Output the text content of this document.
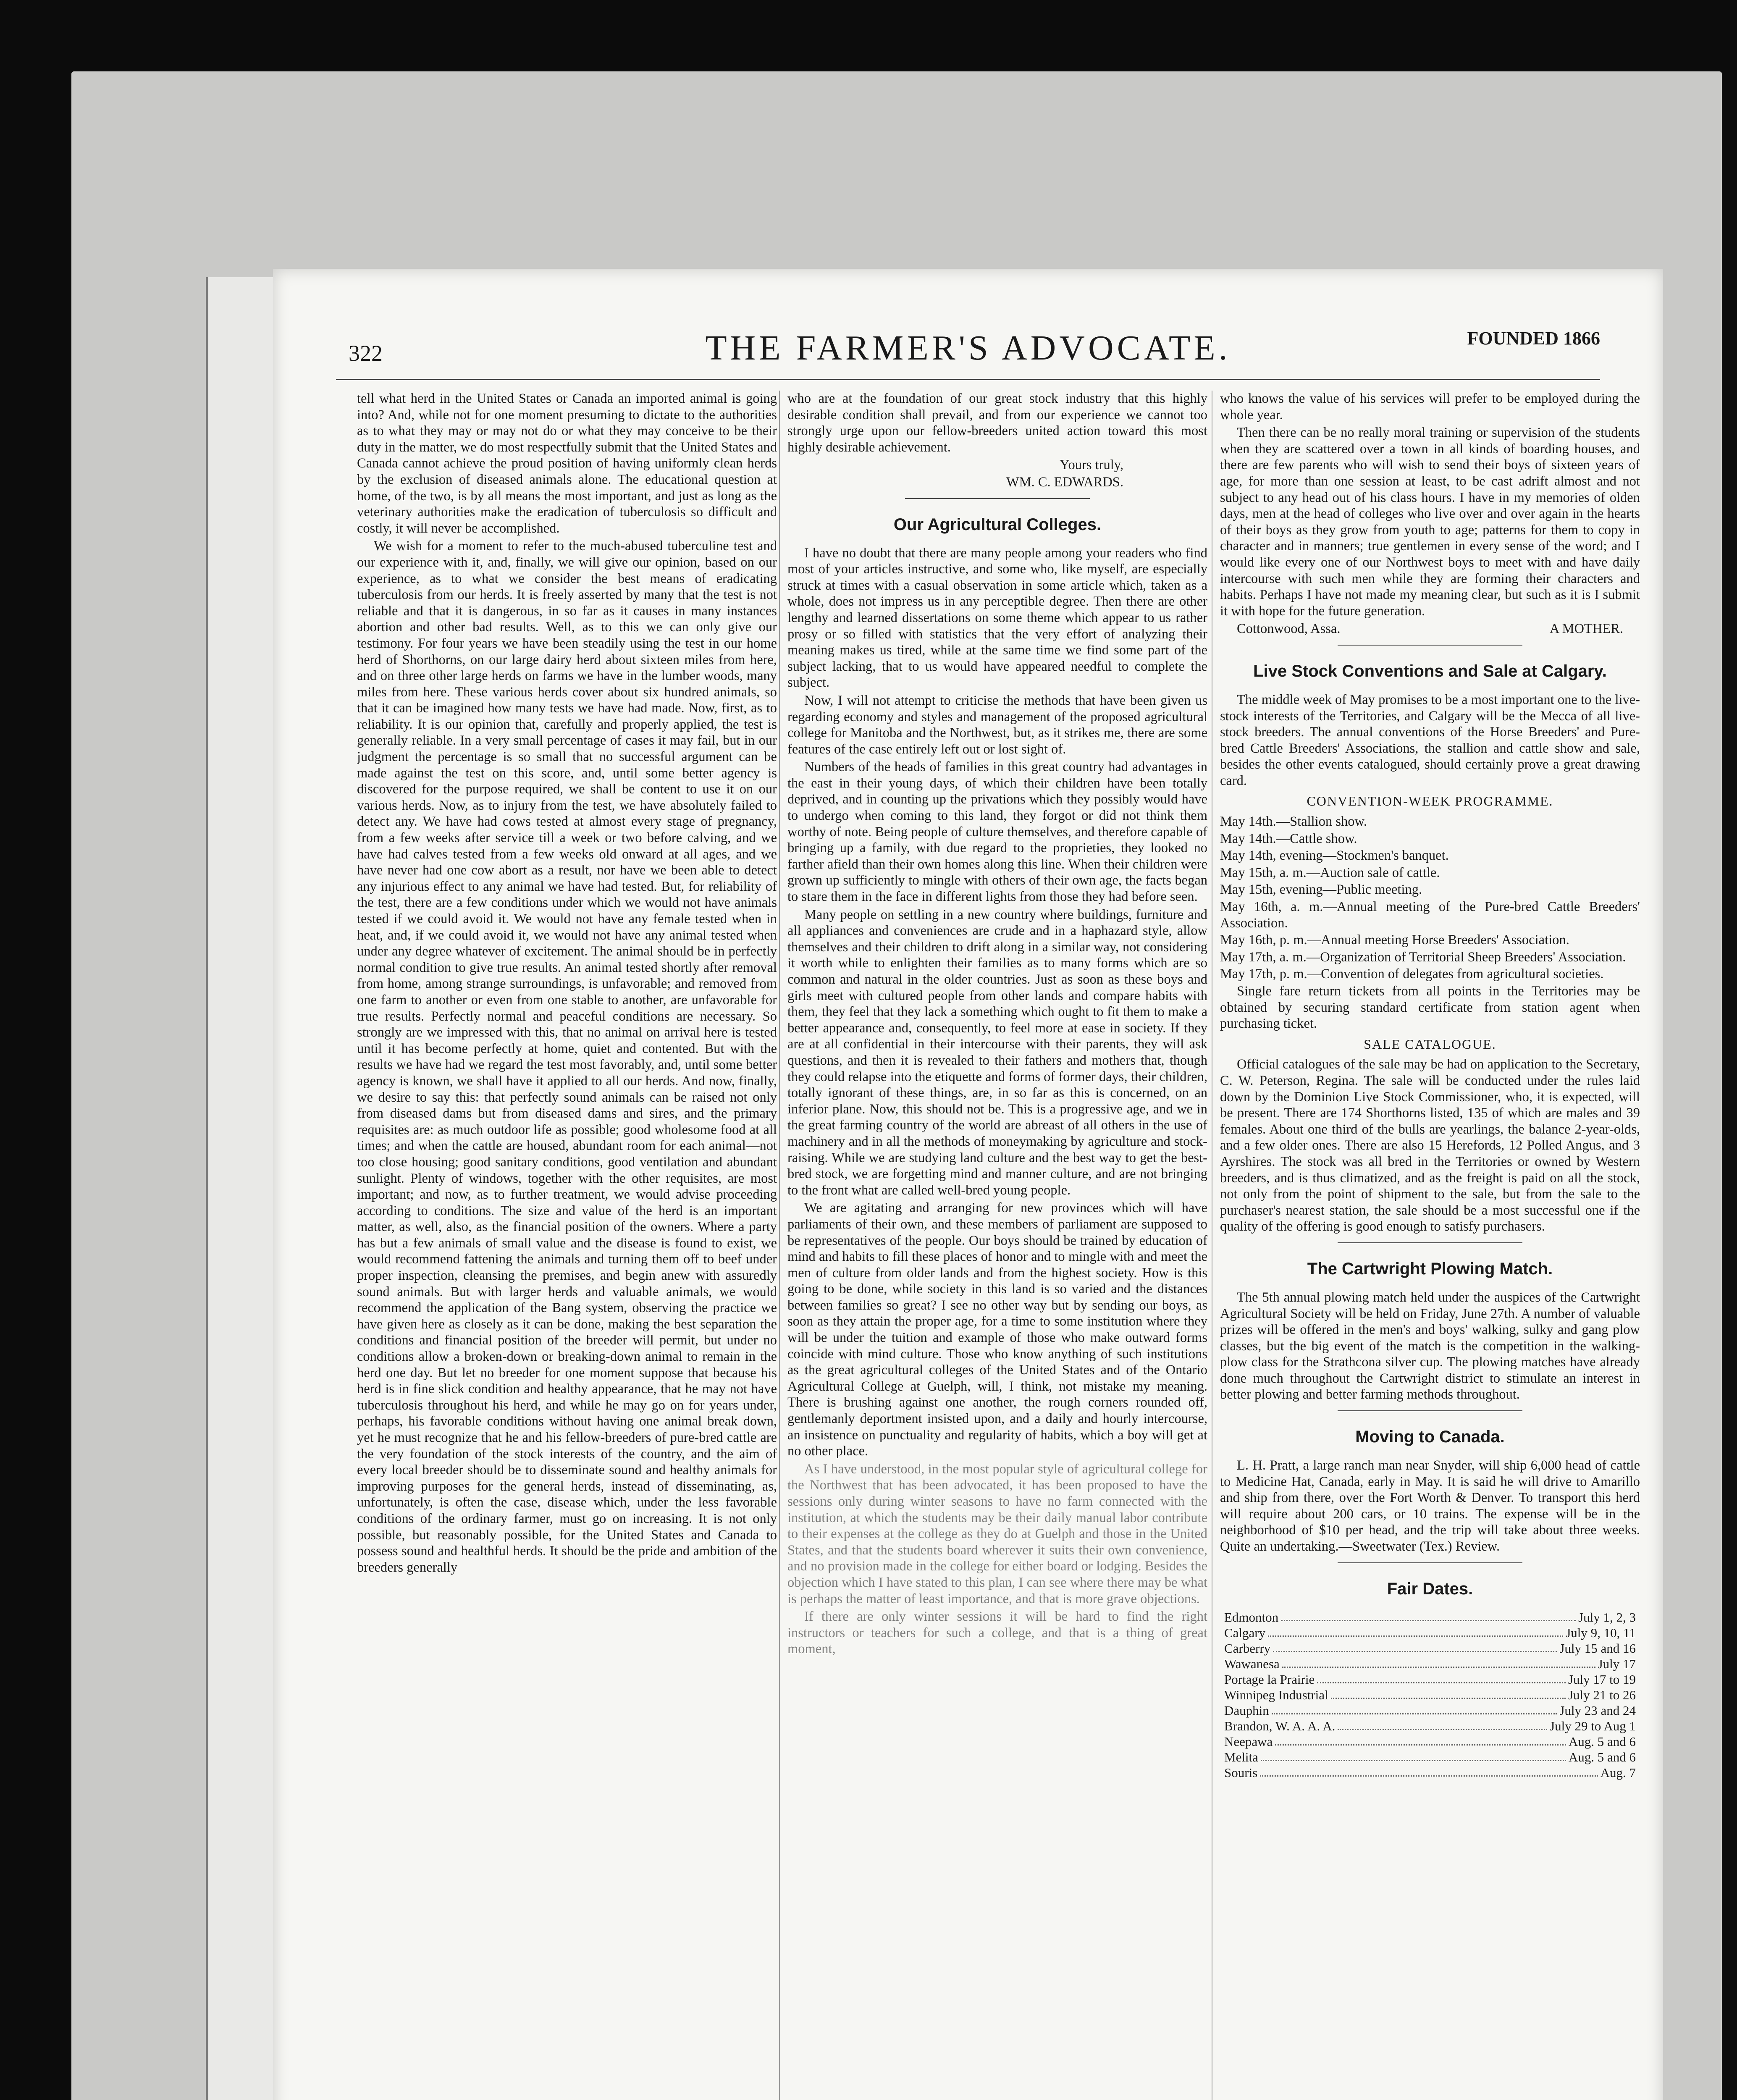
322	THE FARMER'S ADVOCATE.	FOUNDED 1866

tell what herd in the United States or Canada an imported animal is going into? And, while not for one moment presuming to dictate to the authorities as to what they may or may not do or what they may conceive to be their duty in the matter, we do most respectfully submit that the United States and Canada cannot achieve the proud position of having uniformly clean herds by the exclusion of diseased animals alone. The educational question at home, of the two, is by all means the most important, and just as long as the veterinary authorities make the eradication of tuberculosis so difficult and costly, it will never be accomplished.

We wish for a moment to refer to the much-abused tuberculine test and our experience with it, and, finally, we will give our opinion, based on our experience, as to what we consider the best means of eradicating tuberculosis from our herds. It is freely asserted by many that the test is not reliable and that it is dangerous, in so far as it causes in many instances abortion and other bad results. Well, as to this we can only give our testimony. For four years we have been steadily using the test in our home herd of Shorthorns, on our large dairy herd about sixteen miles from here, and on three other large herds on farms we have in the lumber woods, many miles from here. These various herds cover about six hundred animals, so that it can be imagined how many tests we have had made. Now, first, as to reliability. It is our opinion that, carefully and properly applied, the test is generally reliable. In a very small percentage of cases it may fail, but in our judgment the percentage is so small that no successful argument can be made against the test on this score, and, until some better agency is discovered for the purpose required, we shall be content to use it on our various herds. Now, as to injury from the test, we have absolutely failed to detect any. We have had cows tested at almost every stage of pregnancy, from a few weeks after service till a week or two before calving, and we have had calves tested from a few weeks old onward at all ages, and we have never had one cow abort as a result, nor have we been able to detect any injurious effect to any animal we have had tested. But, for reliability of the test, there are a few conditions under which we would not have animals tested if we could avoid it. We would not have any female tested when in heat, and, if we could avoid it, we would not have any animal tested when under any degree whatever of excitement. The animal should be in perfectly normal condition to give true results. An animal tested shortly after removal from home, among strange surroundings, is unfavorable; and removed from one farm to another or even from one stable to another, are unfavorable for true results. Perfectly normal and peaceful conditions are necessary. So strongly are we impressed with this, that no animal on arrival here is tested until it has become perfectly at home, quiet and contented. But with the results we have had we regard the test most favorably, and, until some better agency is known, we shall have it applied to all our herds. And now, finally, we desire to say this: that perfectly sound animals can be raised not only from diseased dams but from diseased dams and sires, and the primary requisites are: as much outdoor life as possible; good wholesome food at all times; and when the cattle are housed, abundant room for each animal—not too close housing; good sanitary conditions, good ventilation and abundant sunlight. Plenty of windows, together with the other requisites, are most important; and now, as to further treatment, we would advise proceeding according to conditions. The size and value of the herd is an important matter, as well, also, as the financial position of the owners. Where a party has but a few animals of small value and the disease is found to exist, we would recommend fattening the animals and turning them off to beef under proper inspection, cleansing the premises, and begin anew with assuredly sound animals. But with larger herds and valuable animals, we would recommend the application of the Bang system, observing the practice we have given here as closely as it can be done, making the best separation the conditions and financial position of the breeder will permit, but under no conditions allow a broken-down or breaking-down animal to remain in the herd one day. But let no breeder for one moment suppose that because his herd is in fine slick condition and healthy appearance, that he may not have tuberculosis throughout his herd, and while he may go on for years under, perhaps, his favorable conditions without having one animal break down, yet he must recognize that he and his fellow-breeders of pure-bred cattle are the very foundation of the stock interests of the country, and the aim of every local breeder should be to disseminate sound and healthy animals for improving purposes for the general herds, instead of disseminating, as, unfortunately, is often the case, disease which, under the less favorable conditions of the ordinary farmer, must go on increasing. It is not only possible, but reasonably possible, for the United States and Canada to possess sound and healthful herds. It should be the pride and ambition of the breeders generally

who are at the foundation of our great stock industry that this highly desirable condition shall prevail, and from our experience we cannot too strongly urge upon our fellow-breeders united action toward this most highly desirable achievement.

Yours truly,
WM. C. EDWARDS.
Our Agricultural Colleges.

I have no doubt that there are many people among your readers who find most of your articles instructive, and some who, like myself, are especially struck at times with a casual observation in some article which, taken as a whole, does not impress us in any perceptible degree. Then there are other lengthy and learned dissertations on some theme which appear to us rather prosy or so filled with statistics that the very effort of analyzing their meaning makes us tired, while at the same time we find some part of the subject lacking, that to us would have appeared needful to complete the subject.

Now, I will not attempt to criticise the methods that have been given us regarding economy and styles and management of the proposed agricultural college for Manitoba and the Northwest, but, as it strikes me, there are some features of the case entirely left out or lost sight of.

Numbers of the heads of families in this great country had advantages in the east in their young days, of which their children have been totally deprived, and in counting up the privations which they possibly would have to undergo when coming to this land, they forgot or did not think them worthy of note. Being people of culture themselves, and therefore capable of bringing up a family, with due regard to the proprieties, they looked no farther afield than their own homes along this line. When their children were grown up sufficiently to mingle with others of their own age, the facts began to stare them in the face in different lights from those they had before seen.

Many people on settling in a new country where buildings, furniture and all appliances and conveniences are crude and in a haphazard style, allow themselves and their children to drift along in a similar way, not considering it worth while to enlighten their families as to many forms which are so common and natural in the older countries. Just as soon as these boys and girls meet with cultured people from other lands and compare habits with them, they feel that they lack a something which ought to fit them to make a better appearance and, consequently, to feel more at ease in society. If they are at all confidential in their intercourse with their parents, they will ask questions, and then it is revealed to their fathers and mothers that, though they could relapse into the etiquette and forms of former days, their children, totally ignorant of these things, are, in so far as this is concerned, on an inferior plane. Now, this should not be. This is a progressive age, and we in the great farming country of the world are abreast of all others in the use of machinery and in all the methods of moneymaking by agriculture and stock-raising. While we are studying land culture and the best way to get the best-bred stock, we are forgetting mind and manner culture, and are not bringing to the front what are called well-bred young people.

We are agitating and arranging for new provinces which will have parliaments of their own, and these members of parliament are supposed to be representatives of the people. Our boys should be trained by education of mind and habits to fill these places of honor and to mingle with and meet the men of culture from older lands and from the highest society. How is this going to be done, while society in this land is so varied and the distances between families so great? I see no other way but by sending our boys, as soon as they attain the proper age, for a time to some institution where they will be under the tuition and example of those who make outward forms coincide with mind culture. Those who know anything of such institutions as the great agricultural colleges of the United States and of the Ontario Agricultural College at Guelph, will, I think, not mistake my meaning. There is brushing against one another, the rough corners rounded off, gentlemanly deportment insisted upon, and a daily and hourly intercourse, an insistence on punctuality and regularity of habits, which a boy will get at no other place.

As I have understood, in the most popular style of agricultural college for the Northwest that has been advocated, it has been proposed to have the sessions only during winter seasons to have no farm connected with the institution, at which the students may be their daily manual labor contribute to their expenses at the college as they do at Guelph and those in the United States, and that the students board wherever it suits their own convenience, and no provision made in the college for either board or lodging. Besides the objection which I have stated to this plan, I can see where there may be what is perhaps the matter of least importance, and that is more grave objections.

If there are only winter sessions it will be hard to find the right instructors or teachers for such a college, and that is a thing of great moment,

who knows the value of his services will prefer to be employed during the whole year.

Then there can be no really moral training or supervision of the students when they are scattered over a town in all kinds of boarding houses, and there are few parents who will wish to send their boys of sixteen years of age, for more than one session at least, to be cast adrift almost and not subject to any head out of his class hours. I have in my memories of olden days, men at the head of colleges who live over and over again in the hearts of their boys as they grow from youth to age; patterns for them to copy in character and in manners; true gentlemen in every sense of the word; and I would like every one of our Northwest boys to meet with and have daily intercourse with such men while they are forming their characters and habits. Perhaps I have not made my meaning clear, but such as it is I submit it with hope for the future generation.

Cottonwood, Assa.	A MOTHER.
Live Stock Conventions and Sale at Calgary.

The middle week of May promises to be a most important one to the live-stock interests of the Territories, and Calgary will be the Mecca of all live-stock breeders. The annual conventions of the Horse Breeders' and Pure-bred Cattle Breeders' Associations, the stallion and cattle show and sale, besides the other events catalogued, should certainly prove a great drawing card.

CONVENTION-WEEK PROGRAMME.

May 14th.—Stallion show.

May 14th.—Cattle show.

May 14th, evening—Stockmen's banquet.

May 15th, a. m.—Auction sale of cattle.

May 15th, evening—Public meeting.

May 16th, a. m.—Annual meeting of the Pure-bred Cattle Breeders' Association.

May 16th, p. m.—Annual meeting Horse Breeders' Association.

May 17th, a. m.—Organization of Territorial Sheep Breeders' Association.

May 17th, p. m.—Convention of delegates from agricultural societies.

Single fare return tickets from all points in the Territories may be obtained by securing standard certificate from station agent when purchasing ticket.

SALE CATALOGUE.

Official catalogues of the sale may be had on application to the Secretary, C. W. Peterson, Regina. The sale will be conducted under the rules laid down by the Dominion Live Stock Commissioner, who, it is expected, will be present. There are 174 Shorthorns listed, 135 of which are males and 39 females. About one third of the bulls are yearlings, the balance 2-year-olds, and a few older ones. There are also 15 Herefords, 12 Polled Angus, and 3 Ayrshires. The stock was all bred in the Territories or owned by Western breeders, and is thus climatized, and as the freight is paid on all the stock, not only from the point of shipment to the sale, but from the sale to the purchaser's nearest station, the sale should be a most successful one if the quality of the offering is good enough to satisfy purchasers.

The Cartwright Plowing Match.

The 5th annual plowing match held under the auspices of the Cartwright Agricultural Society will be held on Friday, June 27th. A number of valuable prizes will be offered in the men's and boys' walking, sulky and gang plow classes, but the big event of the match is the competition in the walking-plow class for the Strathcona silver cup. The plowing matches have already done much throughout the Cartwright district to stimulate an interest in better plowing and better farming methods throughout.

Moving to Canada.

L. H. Pratt, a large ranch man near Snyder, will ship 6,000 head of cattle to Medicine Hat, Canada, early in May. It is said he will drive to Amarillo and ship from there, over the Fort Worth & Denver. To transport this herd will require about 200 cars, or 10 trains. The expense will be in the neighborhood of $10 per head, and the trip will take about three weeks. Quite an undertaking.—Sweetwater (Tex.) Review.

Fair Dates.
Edmonton	July 1, 2, 3
Calgary	July 9, 10, 11
Carberry	July 15 and 16
Wawanesa	July 17
Portage la Prairie	July 17 to 19
Winnipeg Industrial	July 21 to 26
Dauphin	July 23 and 24
Brandon, W. A. A. A.	July 29 to Aug 1
Neepawa	Aug. 5 and 6
Melita	Aug. 5 and 6
Souris	Aug. 7
